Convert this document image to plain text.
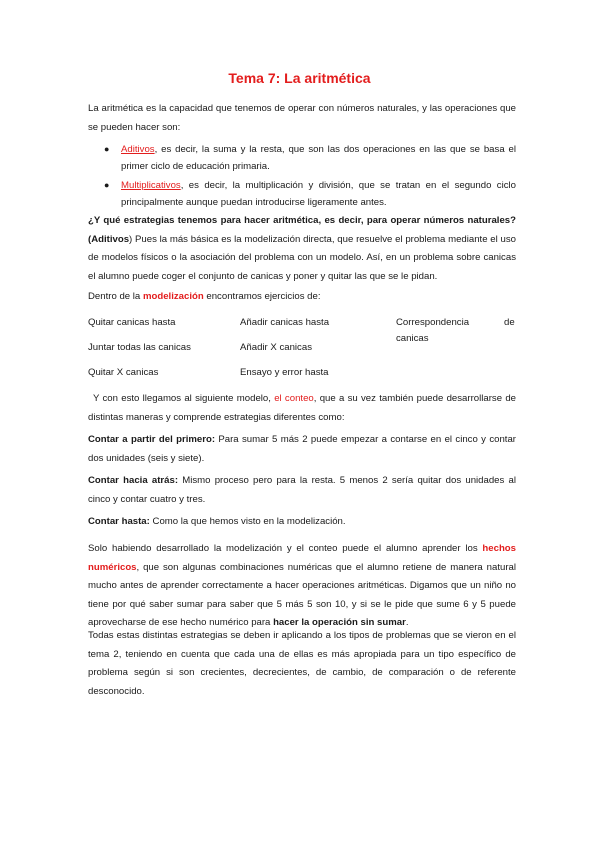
Tema 7: La aritmética

La aritmética es la capacidad que tenemos de operar con números naturales, y las operaciones que se pueden hacer son:

● Aditivos, es decir, la suma y la resta, que son las dos operaciones en las que se basa el primer ciclo de educación primaria.
● Multiplicativos, es decir, la multiplicación y división, que se tratan en el segundo ciclo principalmente aunque puedan introducirse ligeramente antes.

¿Y qué estrategias tenemos para hacer aritmética, es decir, para operar números naturales? (Aditivos) Pues la más básica es la modelización directa, que resuelve el problema mediante el uso de modelos físicos o la asociación del problema con un modelo. Así, en un problema sobre canicas el alumno puede coger el conjunto de canicas y poner y quitar las que se le pidan.

Dentro de la modelización encontramos ejercicios de:

Quitar canicas hasta
Juntar todas las canicas
Quitar X canicas
Añadir canicas hasta
Añadir X canicas
Ensayo y error hasta
Correspondencia	de
canicas

Y con esto llegamos al siguiente modelo, el conteo, que a su vez también puede desarrollarse de distintas maneras y comprende estrategias diferentes como:

Contar a partir del primero: Para sumar 5 más 2 puede empezar a contarse en el cinco y contar dos unidades (seis y siete).

Contar hacia atrás: Mismo proceso pero para la resta. 5 menos 2 sería quitar dos unidades al cinco y contar cuatro y tres.

Contar hasta: Como la que hemos visto en la modelización.

Solo habiendo desarrollado la modelización y el conteo puede el alumno aprender los hechos numéricos, que son algunas combinaciones numéricas que el alumno retiene de manera natural mucho antes de aprender correctamente a hacer operaciones aritméticas. Digamos que un niño no tiene por qué saber sumar para saber que 5 más 5 son 10, y si se le pide que sume 6 y 5 puede aprovecharse de ese hecho numérico para hacer la operación sin sumar.

Todas estas distintas estrategias se deben ir aplicando a los tipos de problemas que se vieron en el tema 2, teniendo en cuenta que cada una de ellas es más apropiada para un tipo específico de problema según si son crecientes, decrecientes, de cambio, de comparación o de referente desconocido.
